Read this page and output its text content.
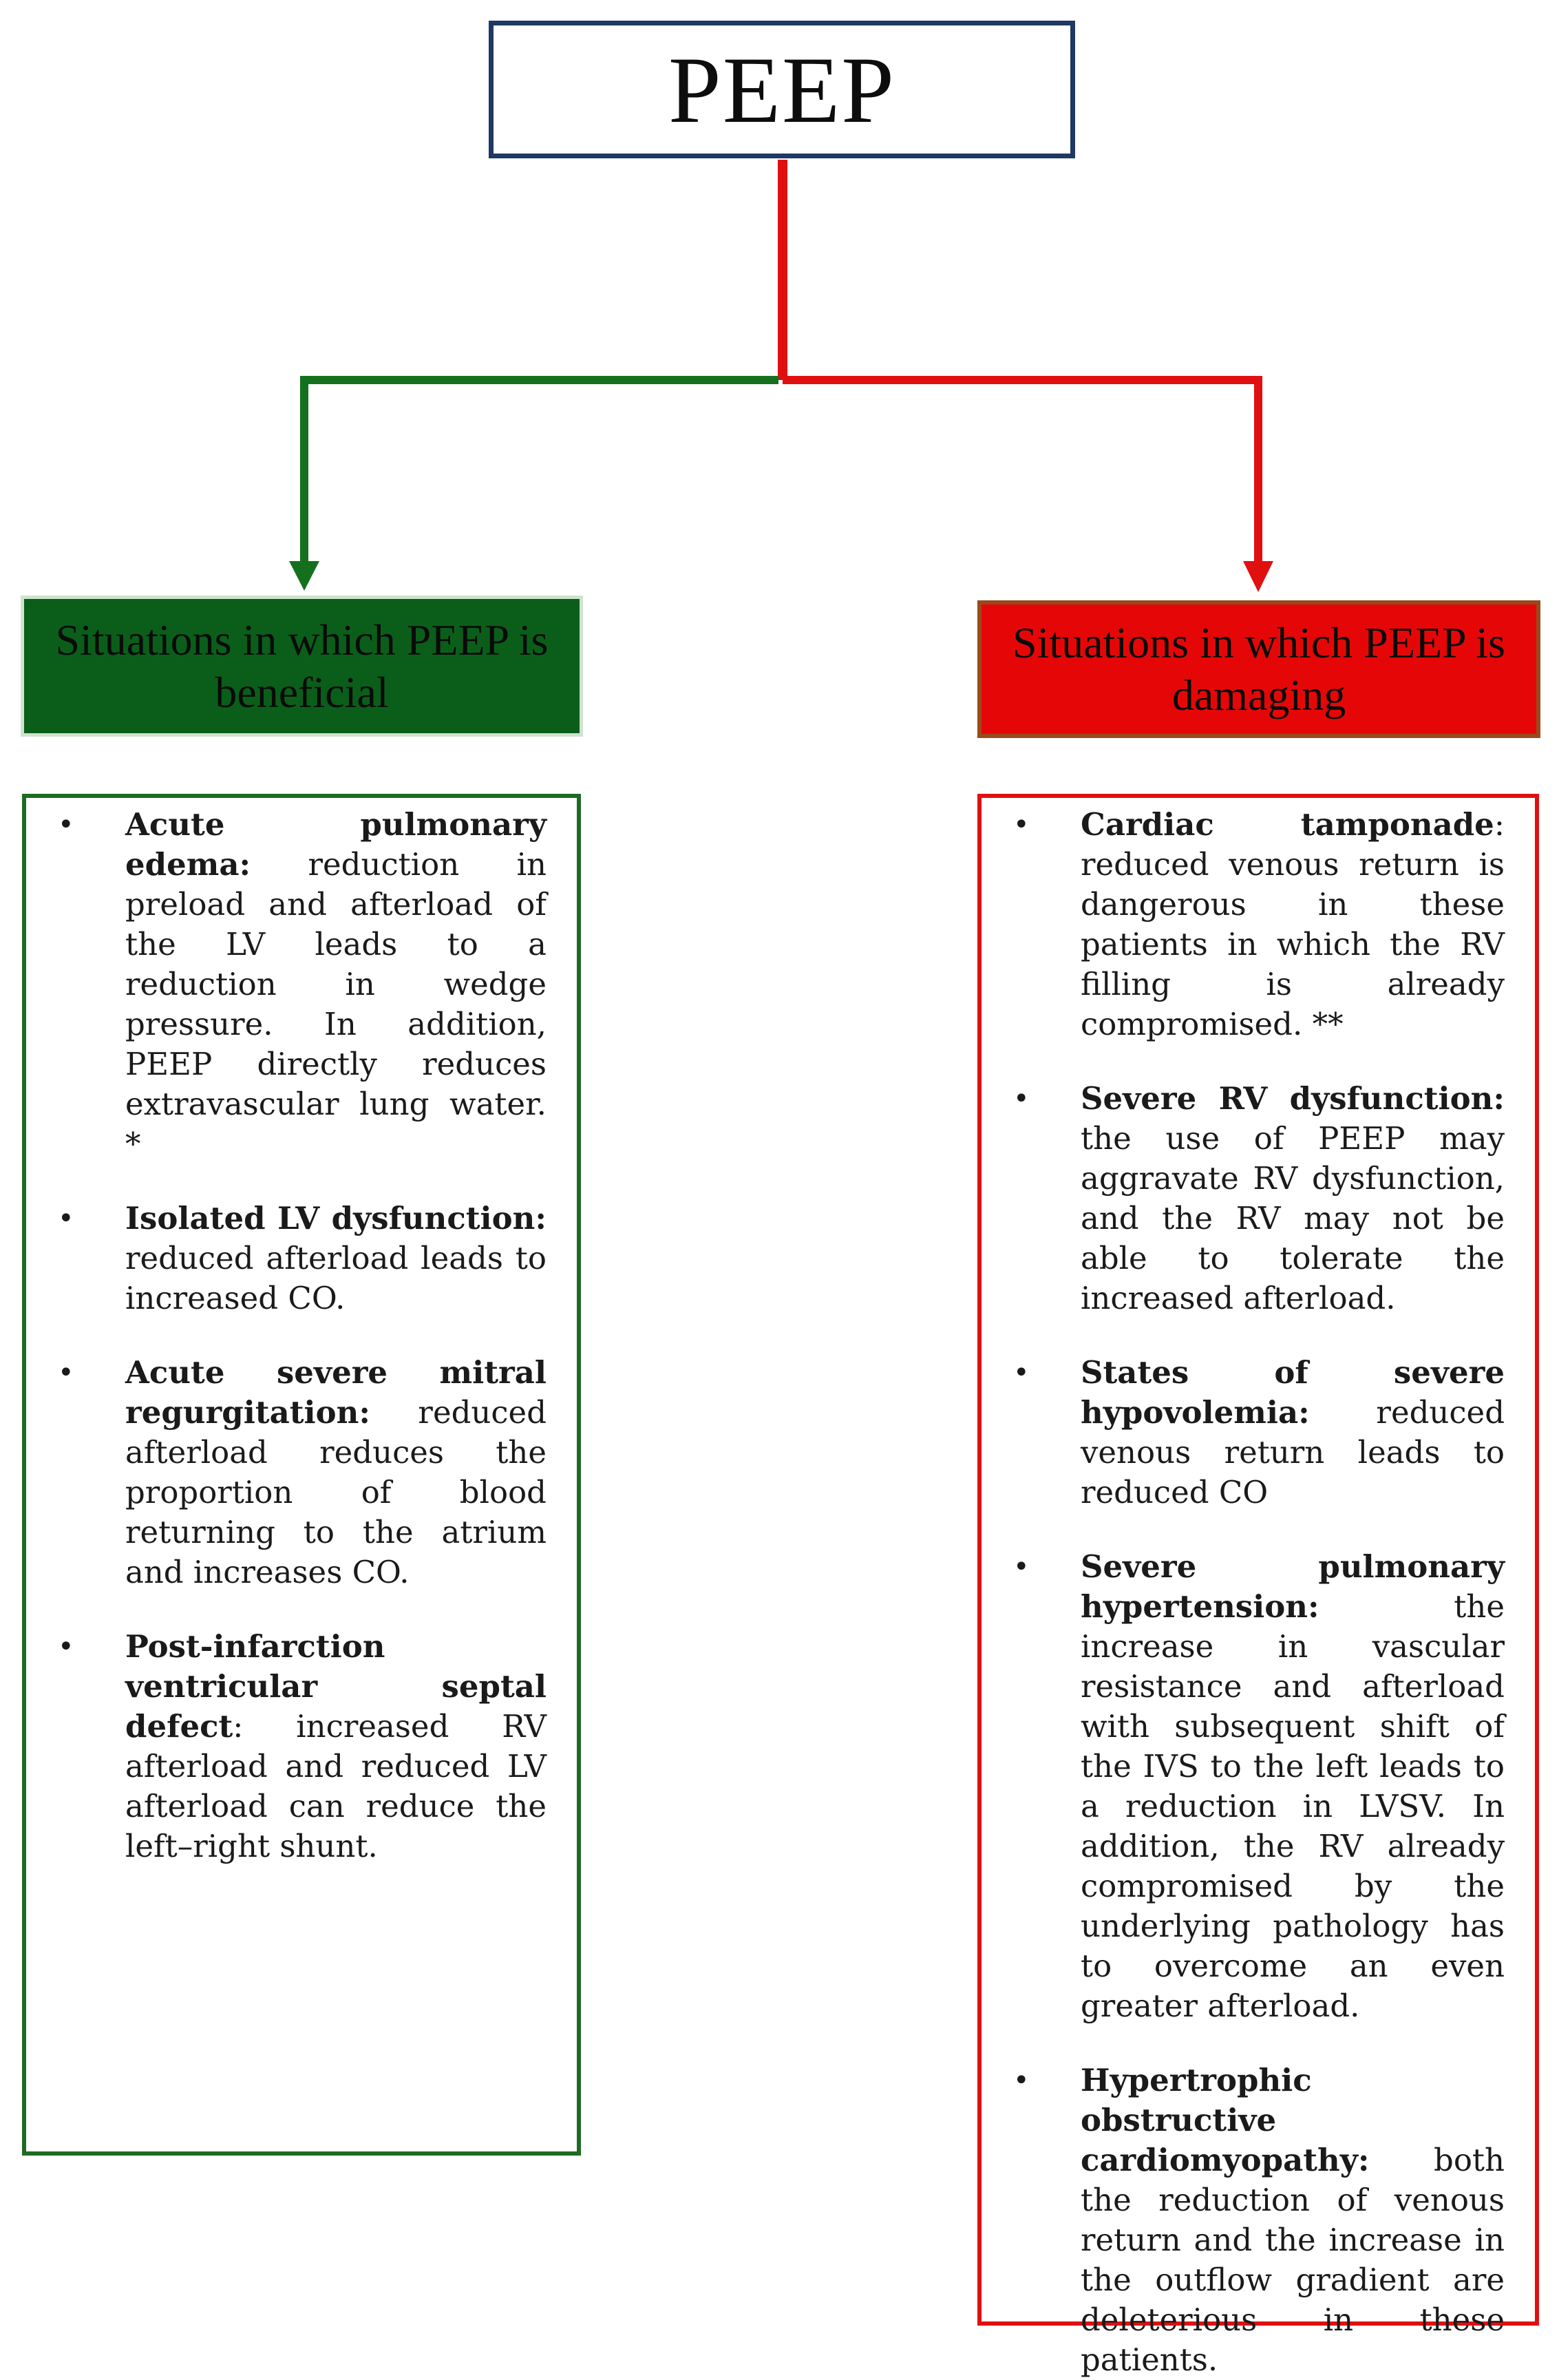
PEEP
Situations in which PEEP is beneficial
Situations in which PEEP is damaging
• Acute pulmonary edema: reduction in preload and afterload of the LV leads to a reduction in wedge pressure. In addition, PEEP directly reduces extravascular lung water. *
• Isolated LV dysfunction: reduced afterload leads to increased CO.
• Acute severe mitral regurgitation: reduced afterload reduces the proportion of blood returning to the atrium and increases CO.
• Post-infarction ventricular septal defect: increased RV afterload and reduced LV afterload can reduce the left–right shunt.
• Cardiac tamponade: reduced venous return is dangerous in these patients in which the RV filling is already compromised. **
• Severe RV dysfunction: the use of PEEP may aggravate RV dysfunction, and the RV may not be able to tolerate the increased afterload.
• States of severe hypovolemia: reduced venous return leads to reduced CO
• Severe pulmonary hypertension: the increase in vascular resistance and afterload with subsequent shift of the IVS to the left leads to a reduction in LVSV. In addition, the RV already compromised by the underlying pathology has to overcome an even greater afterload.
• Hypertrophic obstructive cardiomyopathy: both the reduction of venous return and the increase in the outflow gradient are deleterious in these patients.
